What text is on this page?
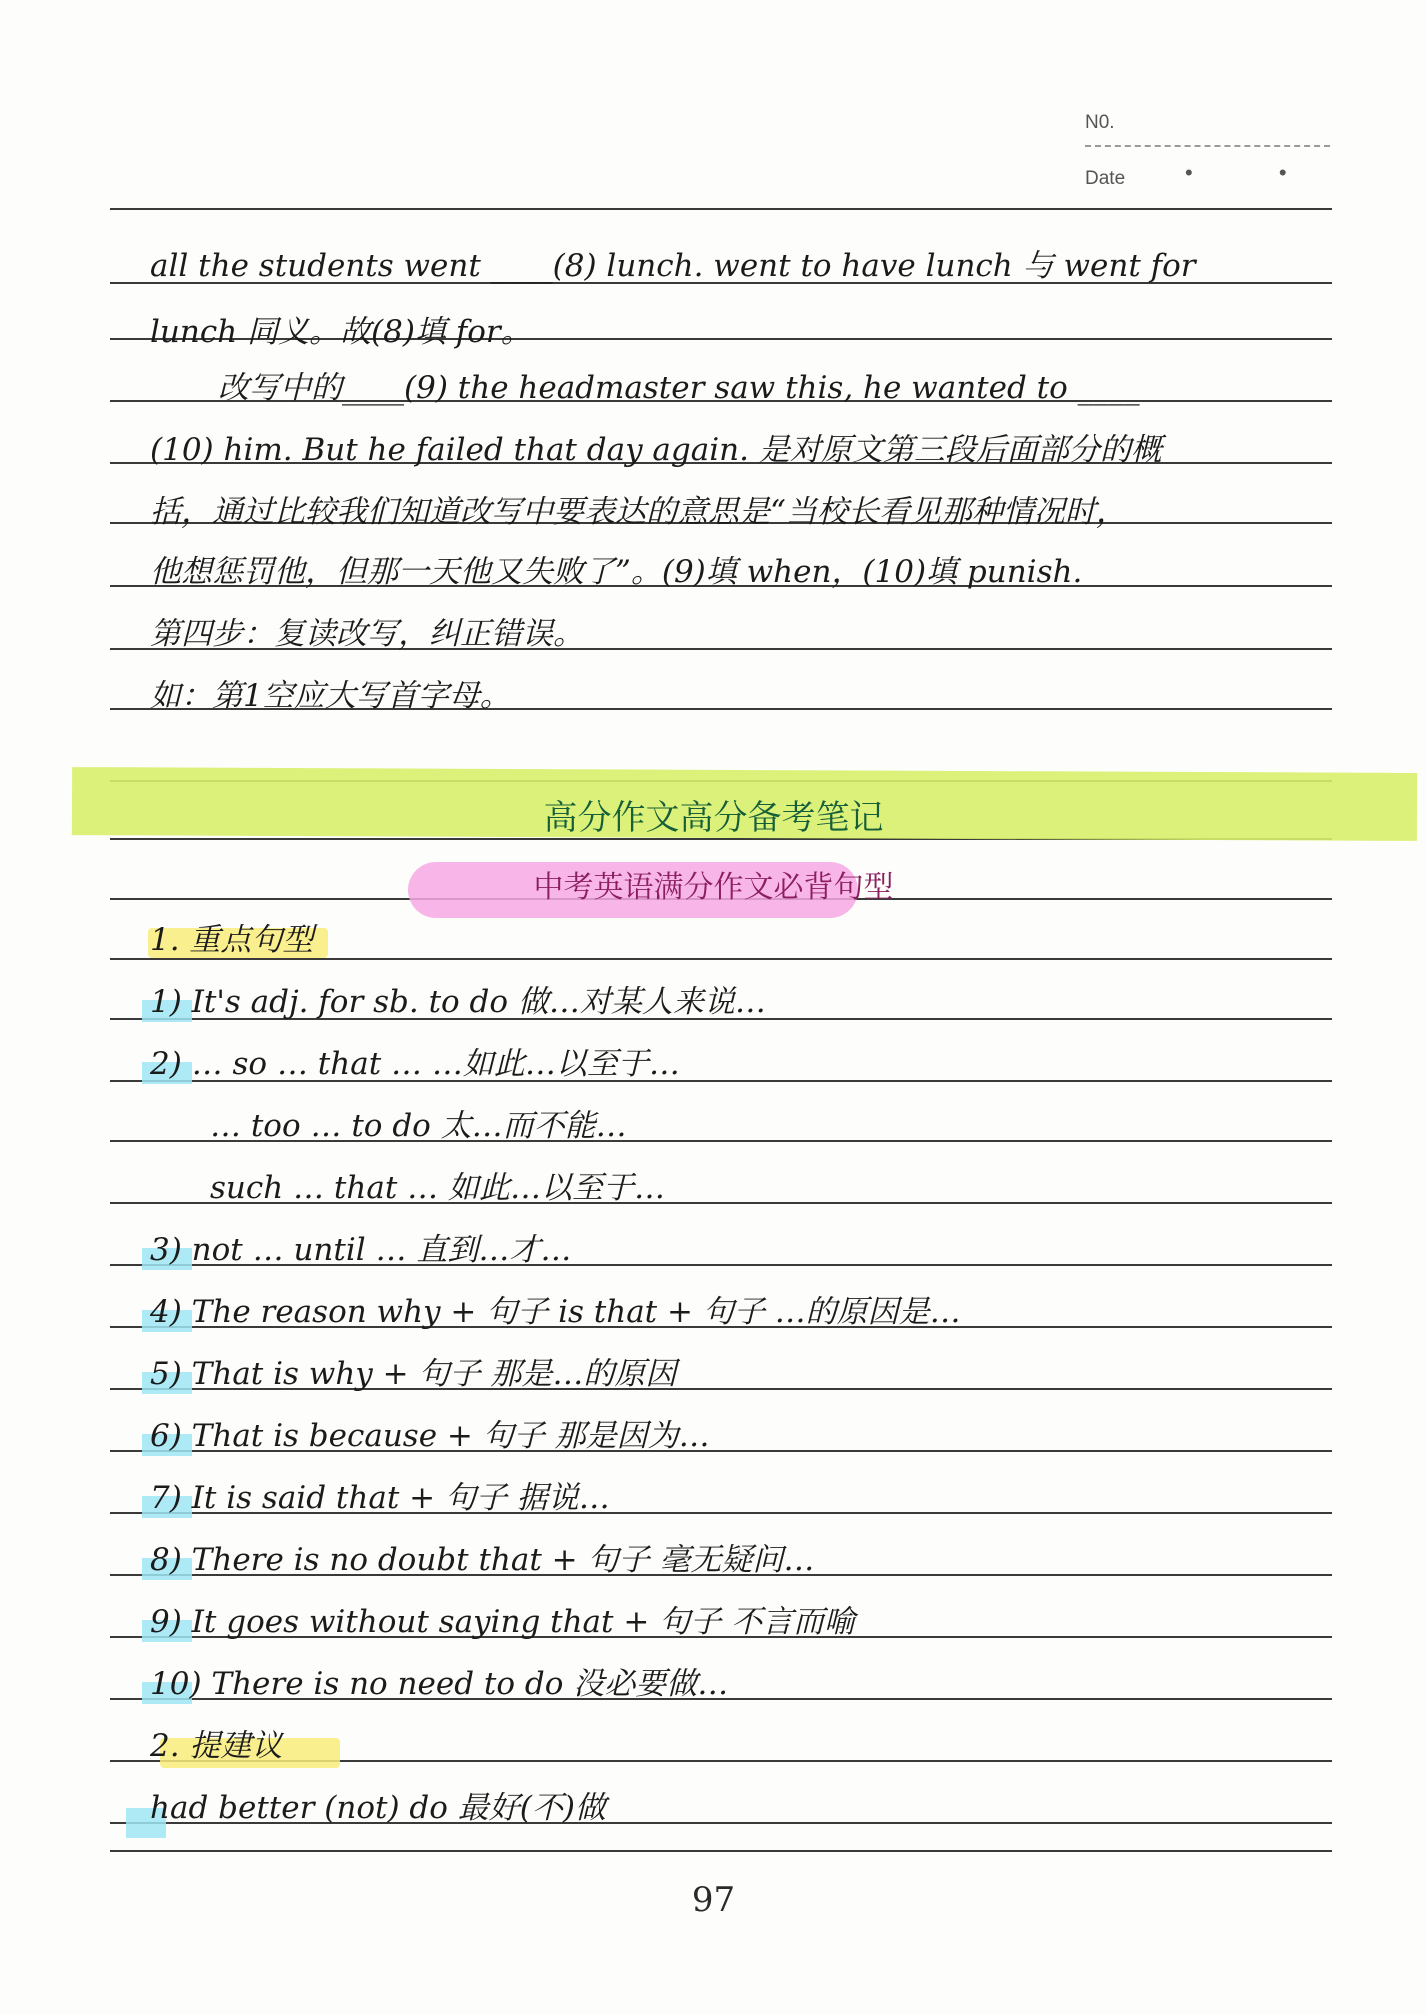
N0.
Date	• •
all the students went ____(8) lunch. went to have lunch 与 went for
lunch 同义。故(8)填 for。
改写中的____(9) the headmaster saw this, he wanted to ____
(10) him. But he failed that day again. 是对原文第三段后面部分的概
括，通过比较我们知道改写中要表达的意思是“当校长看见那种情况时，
他想惩罚他，但那一天他又失败了”。(9)填 when，(10)填 punish.
第四步：复读改写，纠正错误。
如：第1空应大写首字母。
高分作文高分备考笔记
中考英语满分作文必背句型
1. 重点句型
1) It's adj. for sb. to do 做…对某人来说…
2) … so … that … …如此…以至于…
… too … to do 太…而不能…
such … that … 如此…以至于…
3) not … until … 直到…才…
4) The reason why + 句子 is that + 句子 …的原因是…
5) That is why + 句子 那是…的原因
6) That is because + 句子 那是因为…
7) It is said that + 句子 据说…
8) There is no doubt that + 句子 毫无疑问…
9) It goes without saying that + 句子 不言而喻
10) There is no need to do 没必要做…
2. 提建议
had better (not) do 最好(不)做
97
